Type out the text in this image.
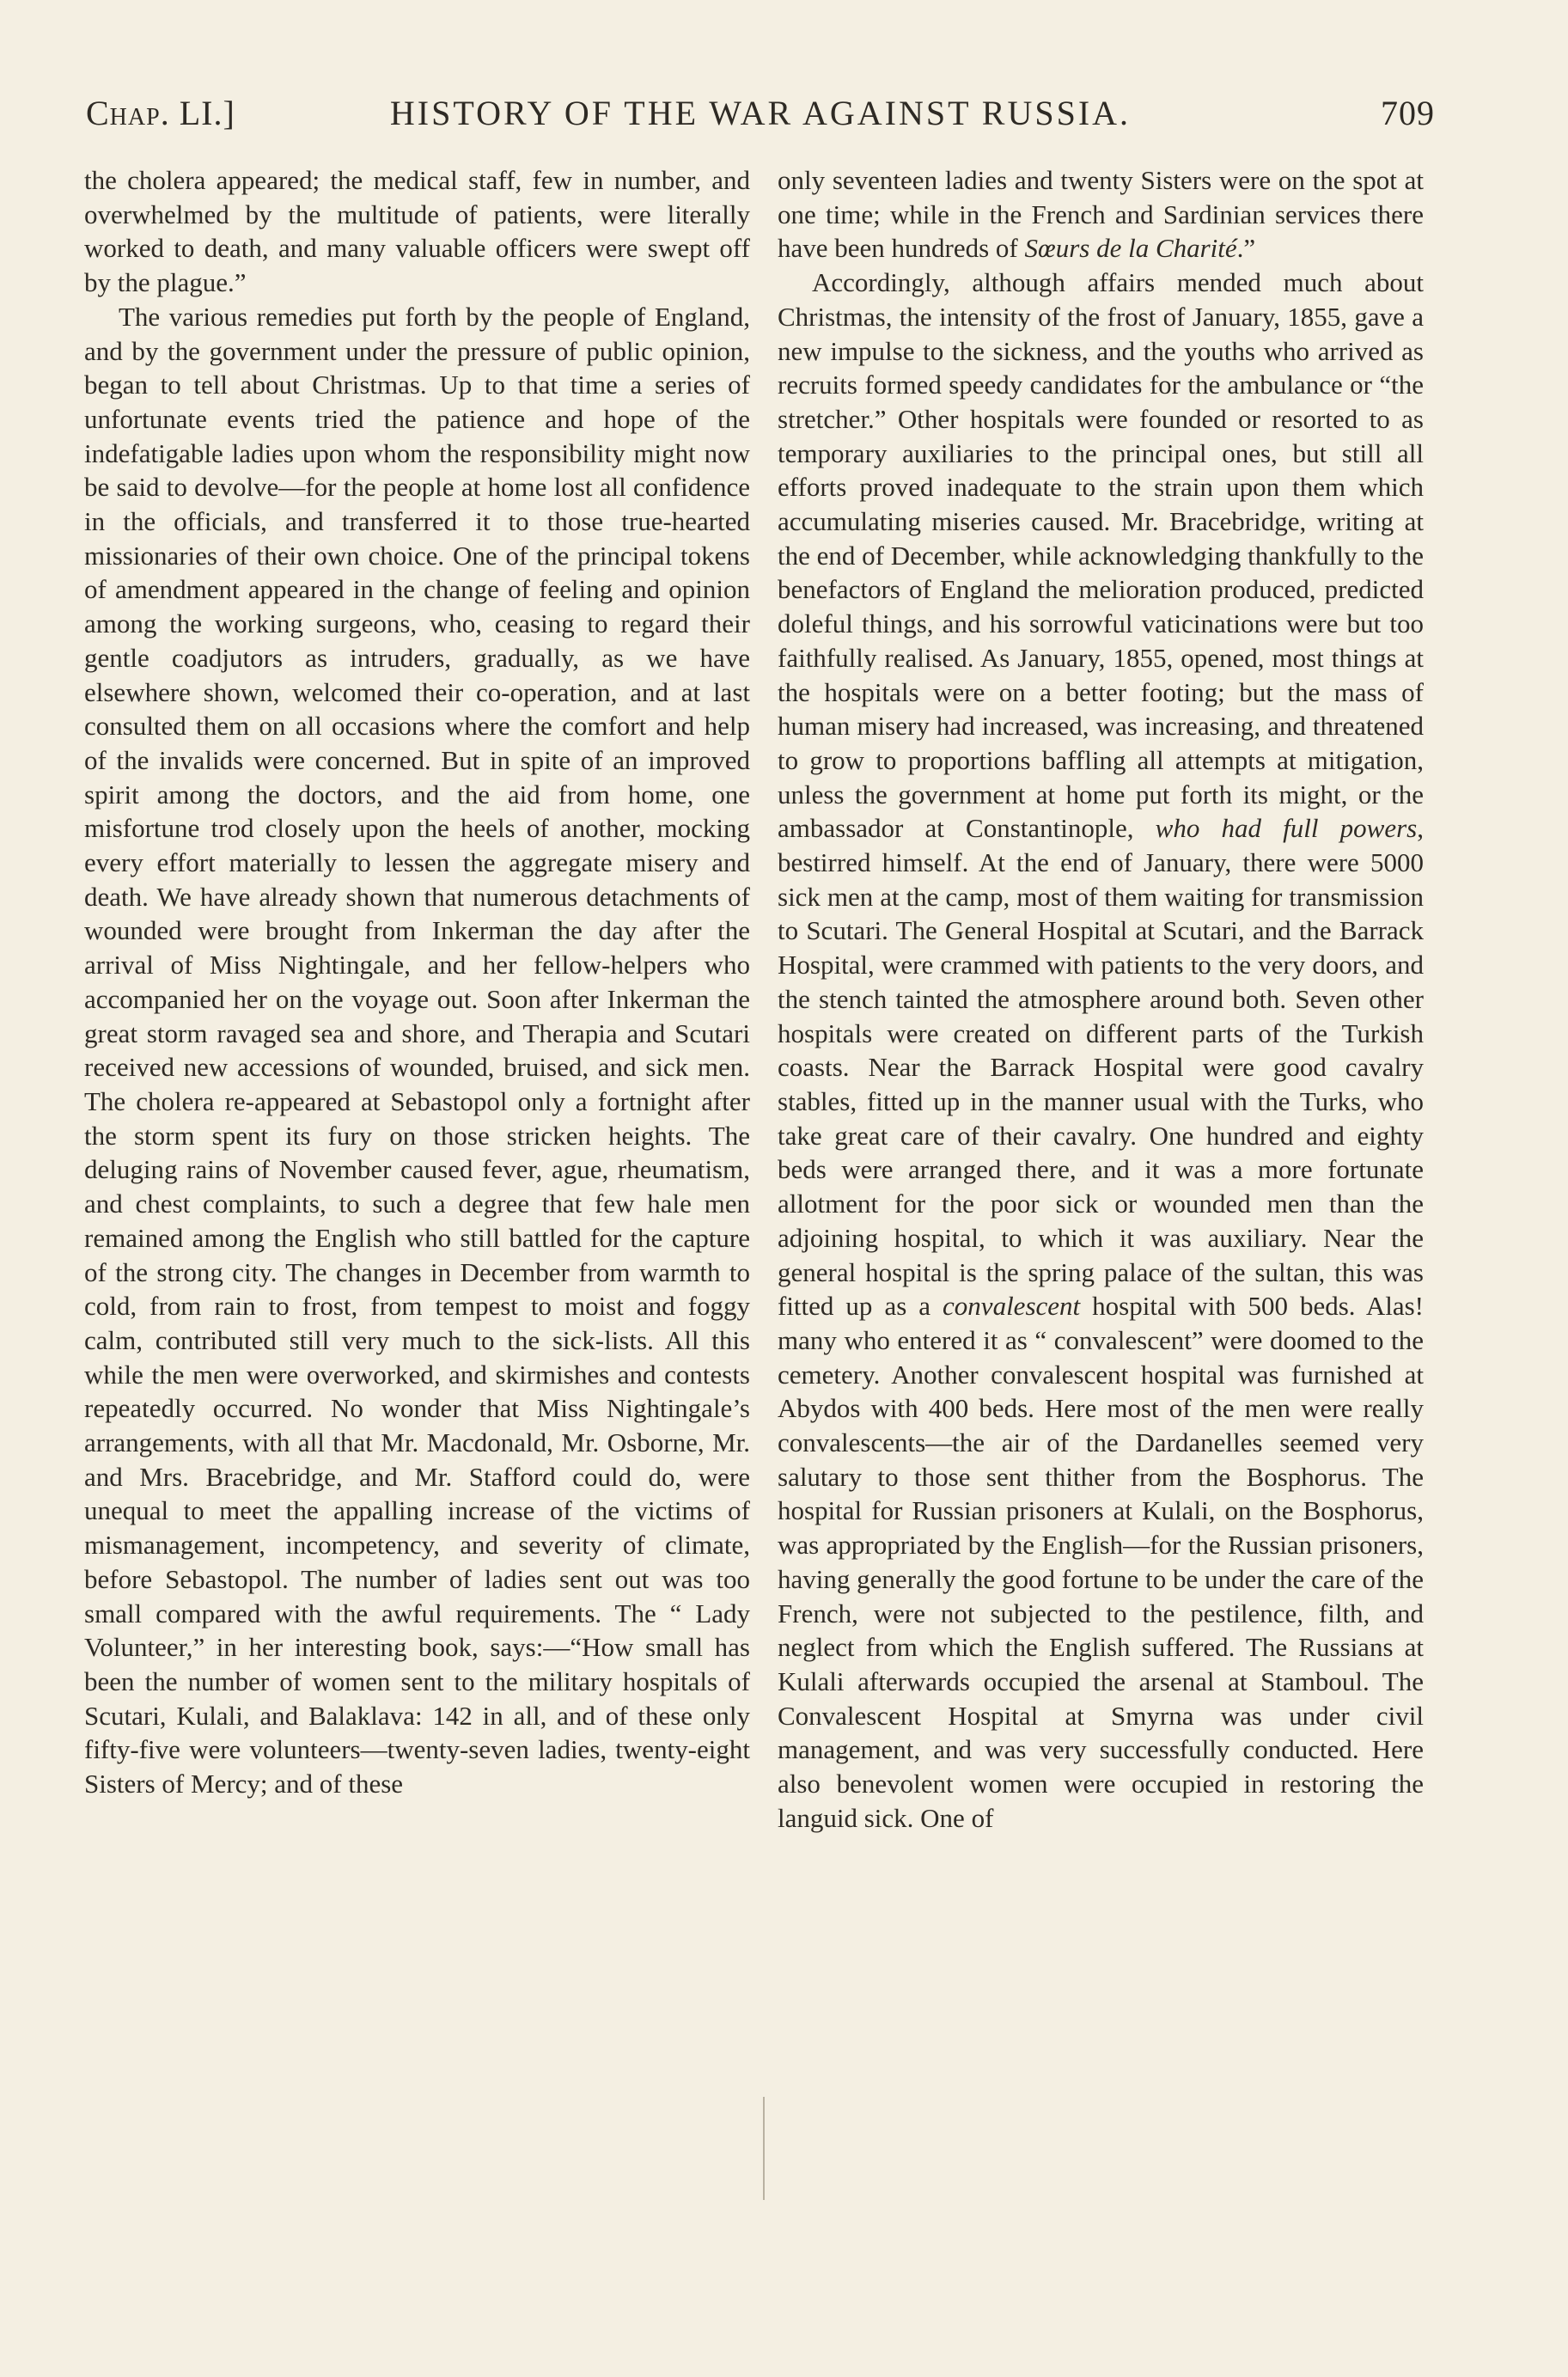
Chap. LI.]	HISTORY OF THE WAR AGAINST RUSSIA.	709

the cholera appeared; the medical staff, few in number, and overwhelmed by the multitude of patients, were literally worked to death, and many valuable officers were swept off by the plague.”

The various remedies put forth by the people of England, and by the government under the pressure of public opinion, began to tell about Christmas. Up to that time a series of unfortunate events tried the patience and hope of the indefatigable ladies upon whom the responsibility might now be said to devolve—for the people at home lost all confidence in the officials, and transferred it to those true-hearted missionaries of their own choice. One of the principal tokens of amendment appeared in the change of feeling and opinion among the working surgeons, who, ceasing to regard their gentle coadjutors as intruders, gradually, as we have elsewhere shown, welcomed their co-operation, and at last consulted them on all occasions where the comfort and help of the invalids were concerned. But in spite of an improved spirit among the doctors, and the aid from home, one misfortune trod closely upon the heels of another, mocking every effort materially to lessen the aggregate misery and death. We have already shown that numerous detachments of wounded were brought from Inkerman the day after the arrival of Miss Nightingale, and her fellow-helpers who accompanied her on the voyage out. Soon after Inkerman the great storm ravaged sea and shore, and Therapia and Scutari received new accessions of wounded, bruised, and sick men. The cholera re-appeared at Sebastopol only a fortnight after the storm spent its fury on those stricken heights. The deluging rains of November caused fever, ague, rheumatism, and chest complaints, to such a degree that few hale men remained among the English who still battled for the capture of the strong city. The changes in December from warmth to cold, from rain to frost, from tempest to moist and foggy calm, contributed still very much to the sick-lists. All this while the men were overworked, and skirmishes and contests repeatedly occurred. No wonder that Miss Nightingale’s arrangements, with all that Mr. Macdonald, Mr. Osborne, Mr. and Mrs. Bracebridge, and Mr. Stafford could do, were unequal to meet the appalling increase of the victims of mismanagement, incompetency, and severity of climate, before Sebastopol. The number of ladies sent out was too small compared with the awful requirements. The “ Lady Volunteer,” in her interesting book, says:—“How small has been the number of women sent to the military hospitals of Scutari, Kulali, and Balaklava: 142 in all, and of these only fifty-five were volunteers—twenty-seven ladies, twenty-eight Sisters of Mercy; and of these

only seventeen ladies and twenty Sisters were on the spot at one time; while in the French and Sardinian services there have been hundreds of Sœurs de la Charité.”

Accordingly, although affairs mended much about Christmas, the intensity of the frost of January, 1855, gave a new impulse to the sickness, and the youths who arrived as recruits formed speedy candidates for the ambulance or “the stretcher.” Other hospitals were founded or resorted to as temporary auxiliaries to the principal ones, but still all efforts proved inadequate to the strain upon them which accumulating miseries caused. Mr. Bracebridge, writing at the end of December, while acknowledging thankfully to the benefactors of England the melioration produced, predicted doleful things, and his sorrowful vaticinations were but too faithfully realised. As January, 1855, opened, most things at the hospitals were on a better footing; but the mass of human misery had increased, was increasing, and threatened to grow to proportions baffling all attempts at mitigation, unless the government at home put forth its might, or the ambassador at Constantinople, who had full powers, bestirred himself. At the end of January, there were 5000 sick men at the camp, most of them waiting for transmission to Scutari. The General Hospital at Scutari, and the Barrack Hospital, were crammed with patients to the very doors, and the stench tainted the atmosphere around both. Seven other hospitals were created on different parts of the Turkish coasts. Near the Barrack Hospital were good cavalry stables, fitted up in the manner usual with the Turks, who take great care of their cavalry. One hundred and eighty beds were arranged there, and it was a more fortunate allotment for the poor sick or wounded men than the adjoining hospital, to which it was auxiliary. Near the general hospital is the spring palace of the sultan, this was fitted up as a convalescent hospital with 500 beds. Alas! many who entered it as “ convalescent” were doomed to the cemetery. Another convalescent hospital was furnished at Abydos with 400 beds. Here most of the men were really convalescents—the air of the Dardanelles seemed very salutary to those sent thither from the Bosphorus. The hospital for Russian prisoners at Kulali, on the Bosphorus, was appropriated by the English—for the Russian prisoners, having generally the good fortune to be under the care of the French, were not subjected to the pestilence, filth, and neglect from which the English suffered. The Russians at Kulali afterwards occupied the arsenal at Stamboul. The Convalescent Hospital at Smyrna was under civil management, and was very successfully conducted. Here also benevolent women were occupied in restoring the languid sick. One of
